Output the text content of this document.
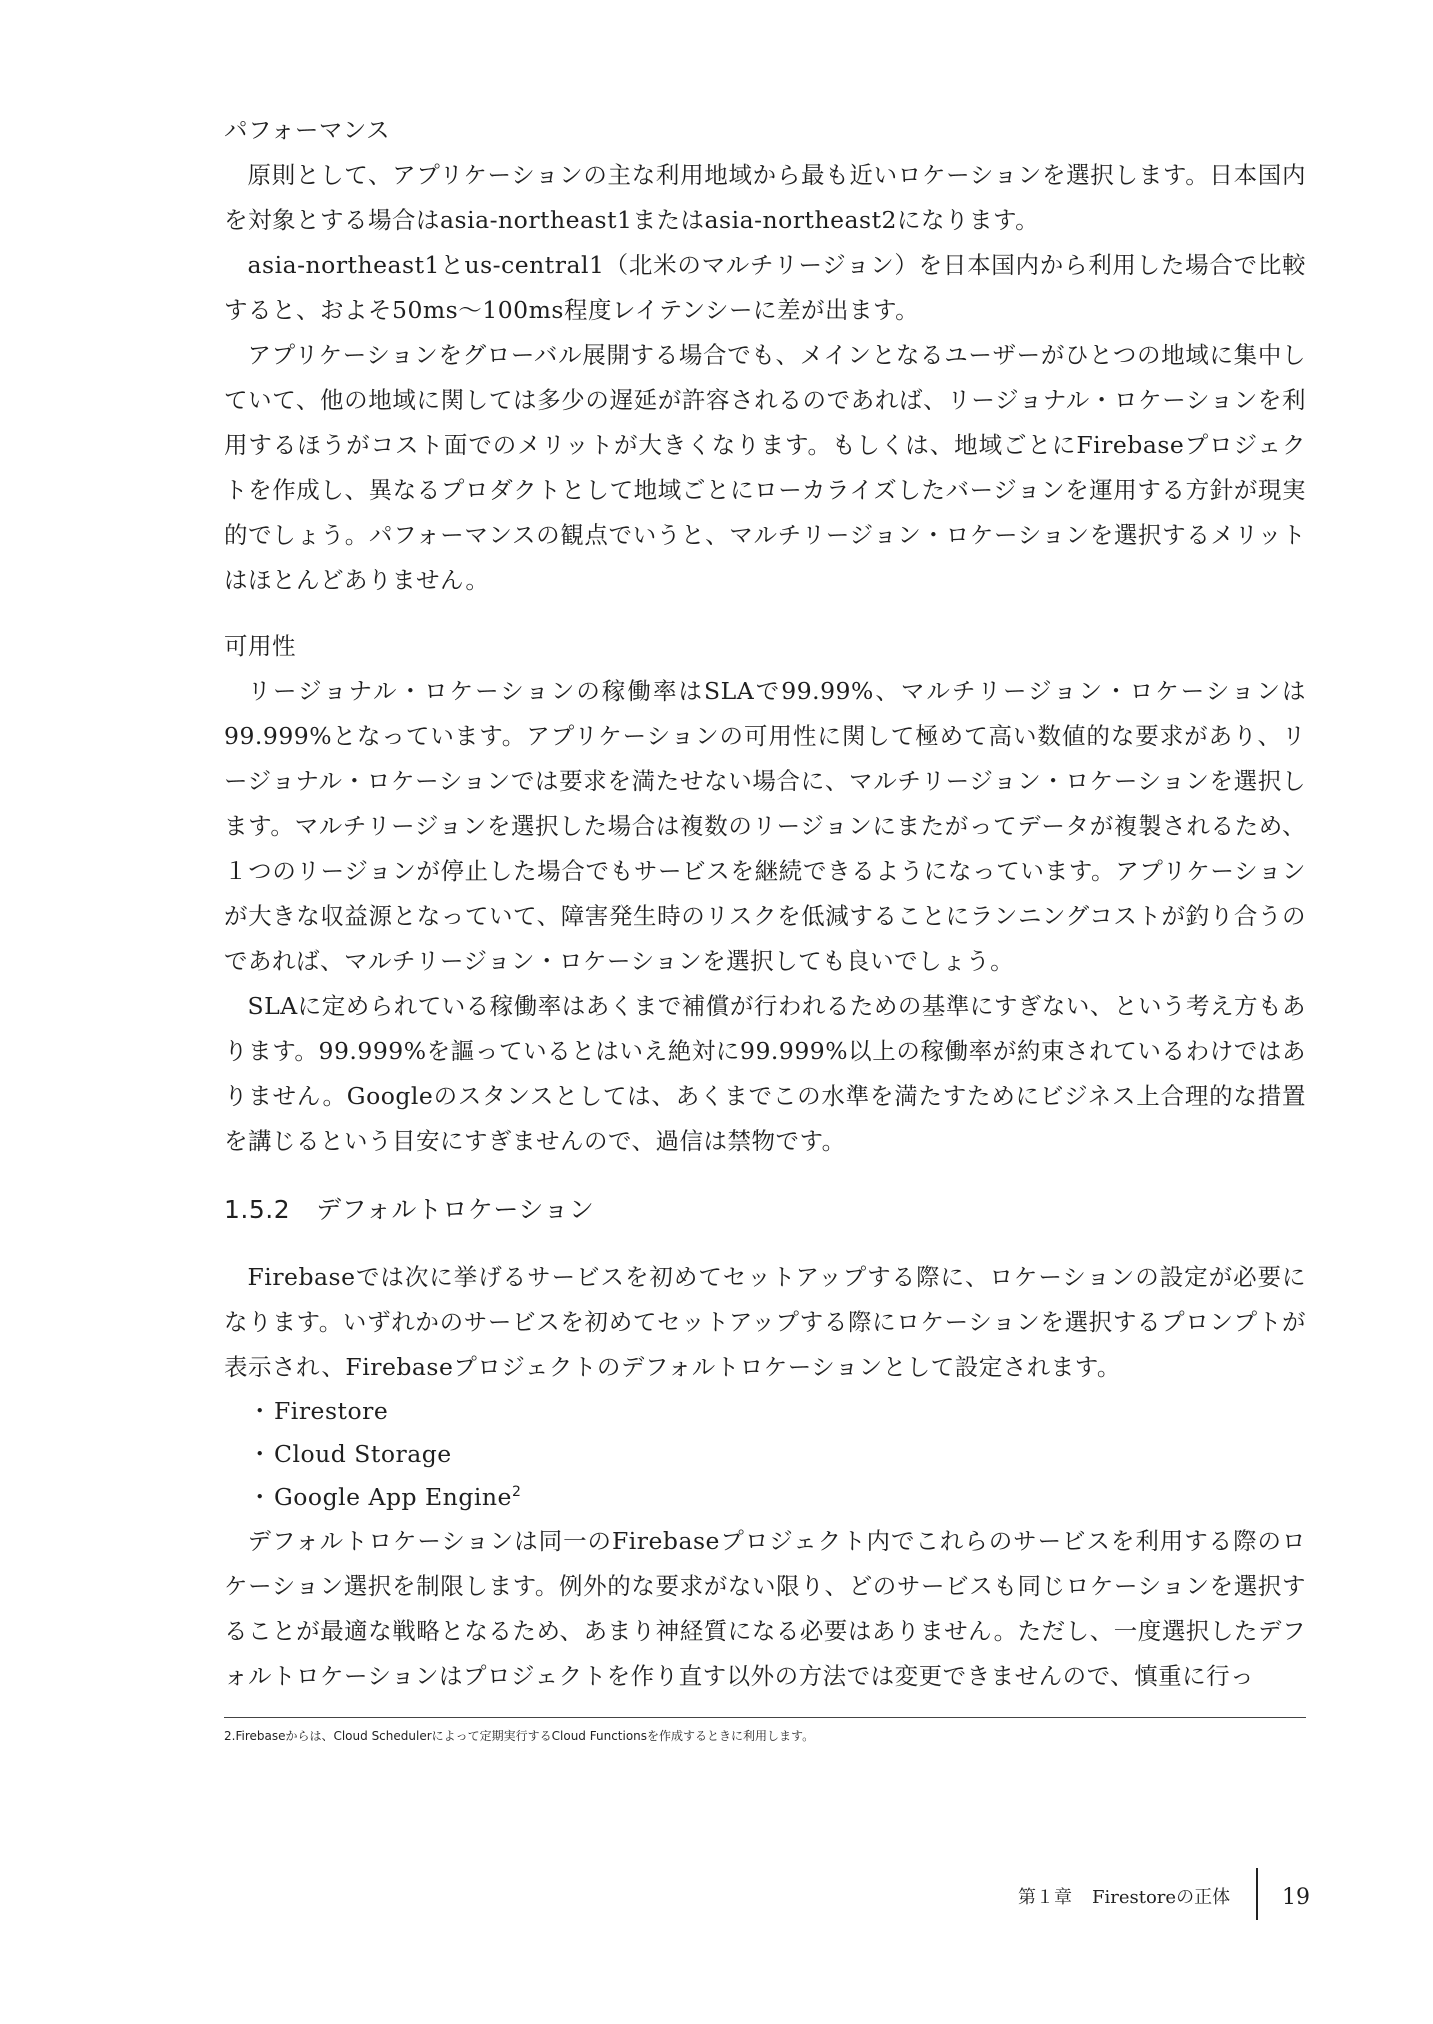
パフォーマンス

原則として、アプリケーションの主な利用地域から最も近いロケーションを選択します。日本国内を対象とする場合はasia-northeast1またはasia-northeast2になります。

asia-northeast1とus-central1（北米のマルチリージョン）を日本国内から利用した場合で比較すると、およそ50ms〜100ms程度レイテンシーに差が出ます。

アプリケーションをグローバル展開する場合でも、メインとなるユーザーがひとつの地域に集中していて、他の地域に関しては多少の遅延が許容されるのであれば、リージョナル・ロケーションを利用するほうがコスト面でのメリットが大きくなります。もしくは、地域ごとにFirebaseプロジェクトを作成し、異なるプロダクトとして地域ごとにローカライズしたバージョンを運用する方針が現実的でしょう。パフォーマンスの観点でいうと、マルチリージョン・ロケーションを選択するメリットはほとんどありません。

可用性

リージョナル・ロケーションの稼働率はSLAで99.99%、マルチリージョン・ロケーションは99.999%となっています。アプリケーションの可用性に関して極めて高い数値的な要求があり、リージョナル・ロケーションでは要求を満たせない場合に、マルチリージョン・ロケーションを選択します。マルチリージョンを選択した場合は複数のリージョンにまたがってデータが複製されるため、１つのリージョンが停止した場合でもサービスを継続できるようになっています。アプリケーションが大きな収益源となっていて、障害発生時のリスクを低減することにランニングコストが釣り合うのであれば、マルチリージョン・ロケーションを選択しても良いでしょう。

SLAに定められている稼働率はあくまで補償が行われるための基準にすぎない、という考え方もあります。99.999%を謳っているとはいえ絶対に99.999%以上の稼働率が約束されているわけではありません。Googleのスタンスとしては、あくまでこの水準を満たすためにビジネス上合理的な措置を講じるという目安にすぎませんので、過信は禁物です。

1.5.2 デフォルトロケーション

Firebaseでは次に挙げるサービスを初めてセットアップする際に、ロケーションの設定が必要になります。いずれかのサービスを初めてセットアップする際にロケーションを選択するプロンプトが表示され、Firebaseプロジェクトのデフォルトロケーションとして設定されます。

・Firestore
・Cloud Storage
・Google App Engine$^2$

デフォルトロケーションは同一のFirebaseプロジェクト内でこれらのサービスを利用する際のロケーション選択を制限します。例外的な要求がない限り、どのサービスも同じロケーションを選択することが最適な戦略となるため、あまり神経質になる必要はありません。ただし、一度選択したデフォルトロケーションはプロジェクトを作り直す以外の方法では変更できませんので、慎重に行っ

2.Firebaseからは、Cloud Schedulerによって定期実行するCloud Functionsを作成するときに利用します。
第１章 Firestoreの正体 19
